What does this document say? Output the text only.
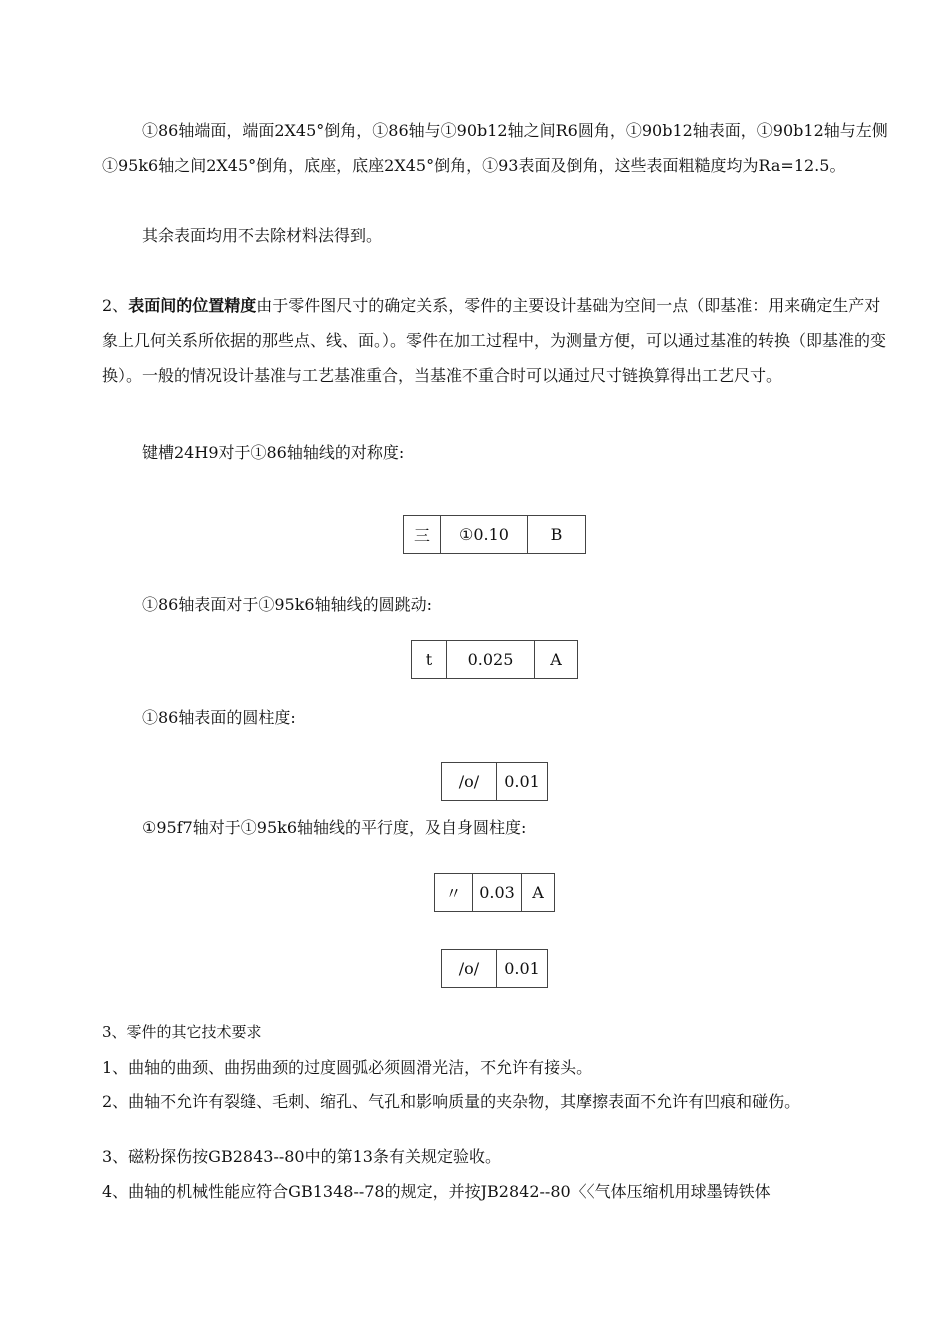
①86轴端面，端面2X45°倒角，①86轴与①90b12轴之间R6圆角，①90b12轴表面，①90b12轴与左侧①95k6轴之间2X45°倒角，底座，底座2X45°倒角，①93表面及倒角，这些表面粗糙度均为Ra=12.5。

其余表面均用不去除材料法得到。

2、表面间的位置精度由于零件图尺寸的确定关系，零件的主要设计基础为空间一点（即基准：用来确定生产对象上几何关系所依据的那些点、线、面。）。零件在加工过程中，为测量方便，可以通过基准的转换（即基准的变换）。一般的情况设计基准与工艺基准重合，当基准不重合时可以通过尺寸链换算得出工艺尺寸。

键槽24H9对于①86轴轴线的对称度:

三	①0.10	B

①86轴表面对于①95k6轴轴线的圆跳动:

t	0.025	A

①86轴表面的圆柱度:

/o/	0.01

①95f7轴对于①95k6轴轴线的平行度，及自身圆柱度:

〃	0.03	A
/o/	0.01

3、零件的其它技术要求

1、曲轴的曲颈、曲拐曲颈的过度圆弧必须圆滑光洁，不允许有接头。

2、曲轴不允许有裂缝、毛刺、缩孔、气孔和影响质量的夹杂物，其摩擦表面不允许有凹痕和碰伤。

3、磁粉探伤按GB2843--80中的第13条有关规定验收。

4、曲轴的机械性能应符合GB1348--78的规定，并按JB2842--80〈〈气体压缩机用球墨铸铁体
